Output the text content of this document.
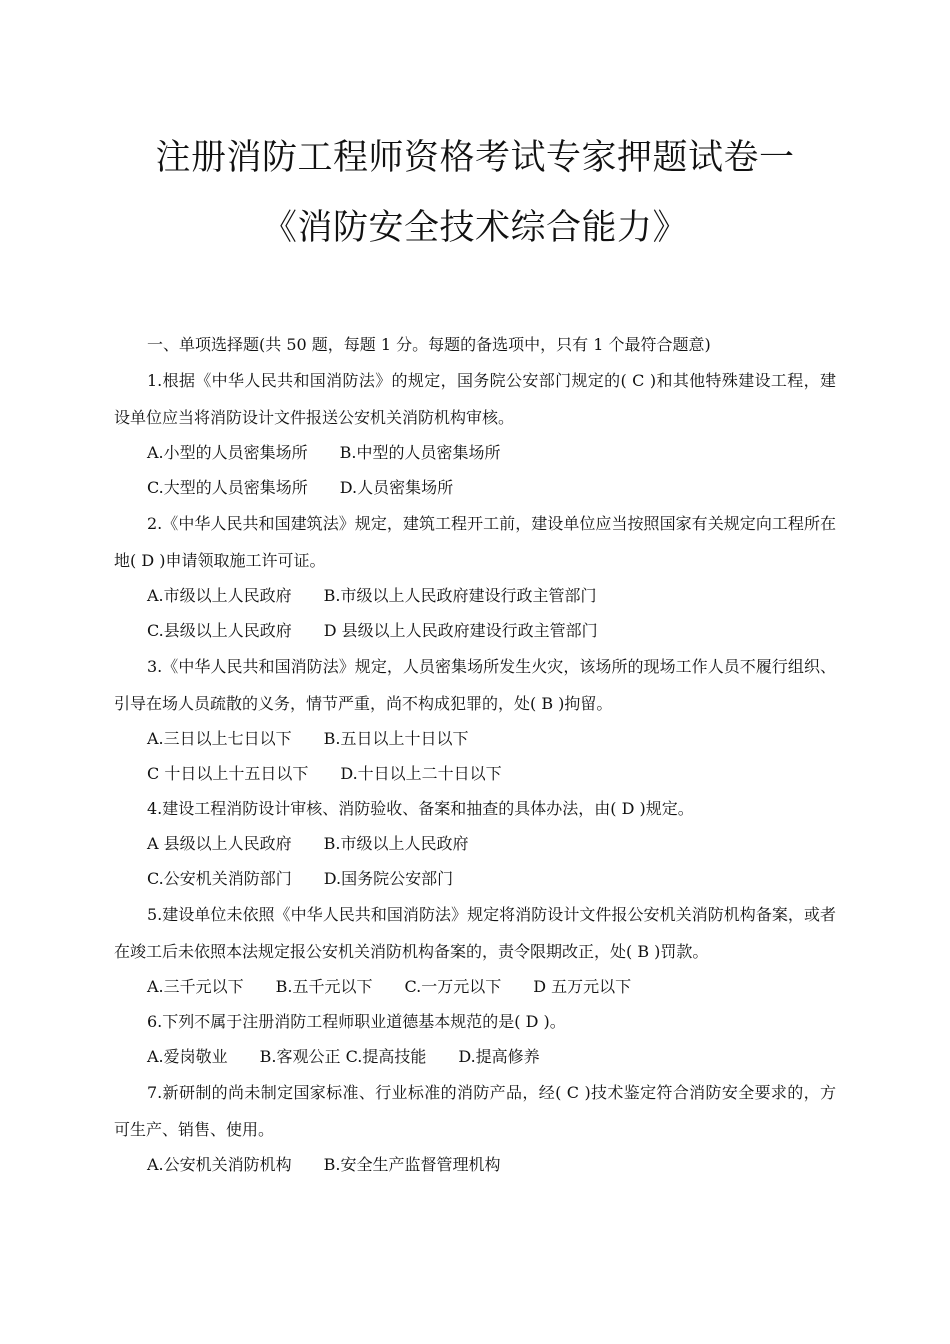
注册消防工程师资格考试专家押题试卷一
《消防安全技术综合能力》
一、单项选择题(共 50 题，每题 1 分。每题的备选项中，只有 1 个最符合题意)
1.根据《中华人民共和国消防法》的规定，国务院公安部门规定的( C )和其他特殊建设工程，建设单位应当将消防设计文件报送公安机关消防机构审核。
A.小型的人员密集场所　　B.中型的人员密集场所
C.大型的人员密集场所　　D.人员密集场所
2.《中华人民共和国建筑法》规定，建筑工程开工前，建设单位应当按照国家有关规定向工程所在地( D )申请领取施工许可证。
A.市级以上人民政府　　B.市级以上人民政府建设行政主管部门
C.县级以上人民政府　　D 县级以上人民政府建设行政主管部门
3.《中华人民共和国消防法》规定，人员密集场所发生火灾，该场所的现场工作人员不履行组织、引导在场人员疏散的义务，情节严重，尚不构成犯罪的，处( B )拘留。
A.三日以上七日以下　　B.五日以上十日以下
C 十日以上十五日以下　　D.十日以上二十日以下
4.建设工程消防设计审核、消防验收、备案和抽查的具体办法，由( D )规定。
A 县级以上人民政府　　B.市级以上人民政府
C.公安机关消防部门　　D.国务院公安部门
5.建设单位未依照《中华人民共和国消防法》规定将消防设计文件报公安机关消防机构备案，或者在竣工后未依照本法规定报公安机关消防机构备案的，责令限期改正，处( B )罚款。
A.三千元以下　　B.五千元以下　　C.一万元以下　　D 五万元以下
6.下列不属于注册消防工程师职业道德基本规范的是( D )。
A.爱岗敬业　　B.客观公正 C.提高技能　　D.提高修养
7.新研制的尚未制定国家标准、行业标准的消防产品，经( C )技术鉴定符合消防安全要求的，方可生产、销售、使用。
A.公安机关消防机构　　B.安全生产监督管理机构
